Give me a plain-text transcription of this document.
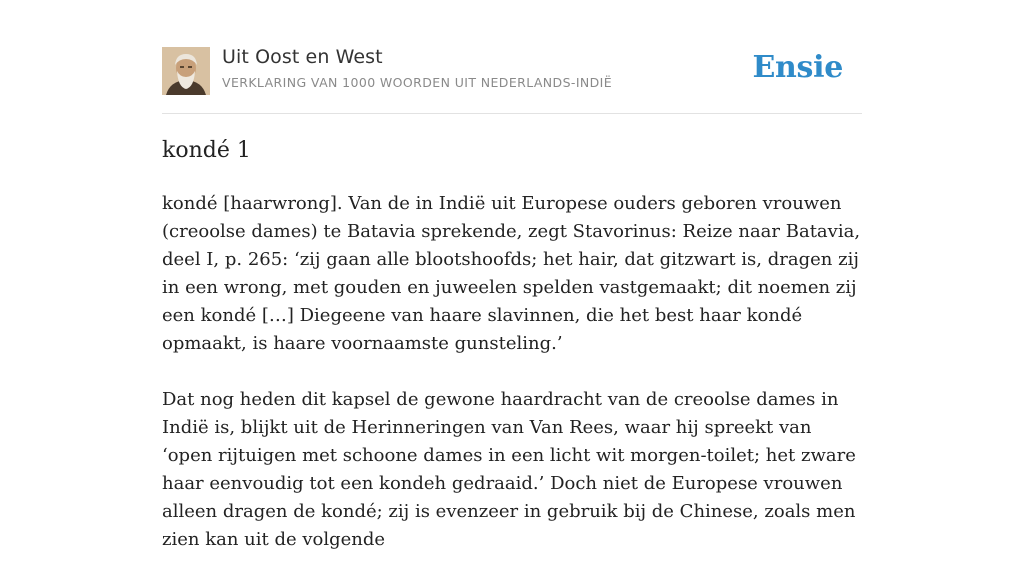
Uit Oost en West
VERKLARING VAN 1000 WOORDEN UIT NEDERLANDS-INDIË	Ensie
kondé 1

kondé [haarwrong]. Van de in Indië uit Europese ouders geboren vrouwen (creoolse dames) te Batavia sprekende, zegt Stavorinus: Reize naar Batavia, deel I, p. 265: ‘zij gaan alle blootshoofds; het hair, dat gitzwart is, dragen zij in een wrong, met gouden en juweelen spelden vastgemaakt; dit noemen zij een kondé […] Diegeene van haare slavinnen, die het best haar kondé opmaakt, is haare voornaamste gunsteling.’

Dat nog heden dit kapsel de gewone haardracht van de creoolse dames in Indië is, blijkt uit de Herinneringen van Van Rees, waar hij spreekt van ‘open rijtuigen met schoone dames in een licht wit morgen-toilet; het zware haar eenvoudig tot een kondeh gedraaid.’ Doch niet de Europese vrouwen alleen dragen de kondé; zij is evenzeer in gebruik bij de Chinese, zoals men zien kan uit de volgende
